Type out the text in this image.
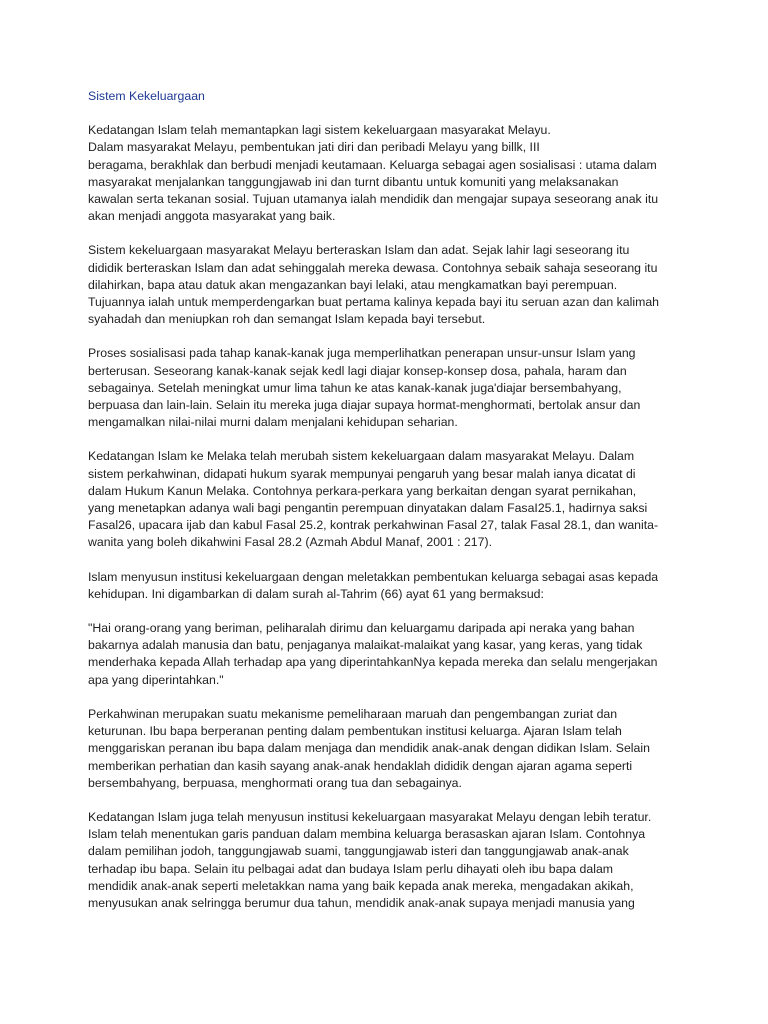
Sistem Kekeluargaan
Kedatangan Islam telah memantapkan lagi sistem kekeluargaan masyarakat Melayu.
Dalam masyarakat Melayu, pembentukan jati diri dan peribadi Melayu yang billk, III
beragama, berakhlak dan berbudi menjadi keutamaan. Keluarga sebagai agen sosialisasi : utama dalam
masyarakat menjalankan tanggungjawab ini dan turnt dibantu untuk komuniti yang melaksanakan
kawalan serta tekanan sosial. Tujuan utamanya ialah mendidik dan mengajar supaya seseorang anak itu
akan menjadi anggota masyarakat yang baik.
Sistem kekeluargaan masyarakat Melayu berteraskan Islam dan adat. Sejak lahir lagi seseorang itu
dididik berteraskan Islam dan adat sehinggalah mereka dewasa. Contohnya sebaik sahaja seseorang itu
dilahirkan, bapa atau datuk akan mengazankan bayi lelaki, atau mengkamatkan bayi perempuan.
Tujuannya ialah untuk memperdengarkan buat pertama kalinya kepada bayi itu seruan azan dan kalimah
syahadah dan meniupkan roh dan semangat Islam kepada bayi tersebut.
Proses sosialisasi pada tahap kanak-kanak juga memperlihatkan penerapan unsur-unsur Islam yang
berterusan. Seseorang kanak-kanak sejak kedl lagi diajar konsep-konsep dosa, pahala, haram dan
sebagainya. Setelah meningkat umur lima tahun ke atas kanak-kanak juga'diajar bersembahyang,
berpuasa dan lain-lain. Selain itu mereka juga diajar supaya hormat-menghormati, bertolak ansur dan
mengamalkan nilai-nilai murni dalam menjalani kehidupan seharian.
Kedatangan Islam ke Melaka telah merubah sistem kekeluargaan dalam masyarakat Melayu. Dalam
sistem perkahwinan, didapati hukum syarak mempunyai pengaruh yang besar malah ianya dicatat di
dalam Hukum Kanun Melaka. Contohnya perkara-perkara yang berkaitan dengan syarat pernikahan,
yang menetapkan adanya wali bagi pengantin perempuan dinyatakan dalam FasaI25.1, hadirnya saksi
Fasal26, upacara ijab dan kabul Fasal 25.2, kontrak perkahwinan Fasal 27, talak Fasal 28.1, dan wanita-
wanita yang boleh dikahwini Fasal 28.2 (Azmah Abdul Manaf, 2001 : 217).
Islam menyusun institusi kekeluargaan dengan meletakkan pembentukan keluarga sebagai asas kepada
kehidupan. Ini digambarkan di dalam surah al-Tahrim (66) ayat 61 yang bermaksud:
"Hai orang-orang yang beriman, peliharalah dirimu dan keluargamu daripada api neraka yang bahan
bakarnya adalah manusia dan batu, penjaganya malaikat-malaikat yang kasar, yang keras, yang tidak
menderhaka kepada Allah terhadap apa yang diperintahkanNya kepada mereka dan selalu mengerjakan
apa yang diperintahkan."
Perkahwinan merupakan suatu mekanisme pemeliharaan maruah dan pengembangan zuriat dan
keturunan. Ibu bapa berperanan penting dalam pembentukan institusi keluarga. Ajaran Islam telah
menggariskan peranan ibu bapa dalam menjaga dan mendidik anak-anak dengan didikan Islam. Selain
memberikan perhatian dan kasih sayang anak-anak hendaklah dididik dengan ajaran agama seperti
bersembahyang, berpuasa, menghormati orang tua dan sebagainya.
Kedatangan Islam juga telah menyusun institusi kekeluargaan masyarakat Melayu dengan lebih teratur.
Islam telah menentukan garis panduan dalam membina keluarga berasaskan ajaran Islam. Contohnya
dalam pemilihan jodoh, tanggungjawab suami, tanggungjawab isteri dan tanggungjawab anak-anak
terhadap ibu bapa. Selain itu pelbagai adat dan budaya Islam perlu dihayati oleh ibu bapa dalam
mendidik anak-anak seperti meletakkan nama yang baik kepada anak mereka, mengadakan akikah,
menyusukan anak selringga berumur dua tahun, mendidik anak-anak supaya menjadi manusia yang
